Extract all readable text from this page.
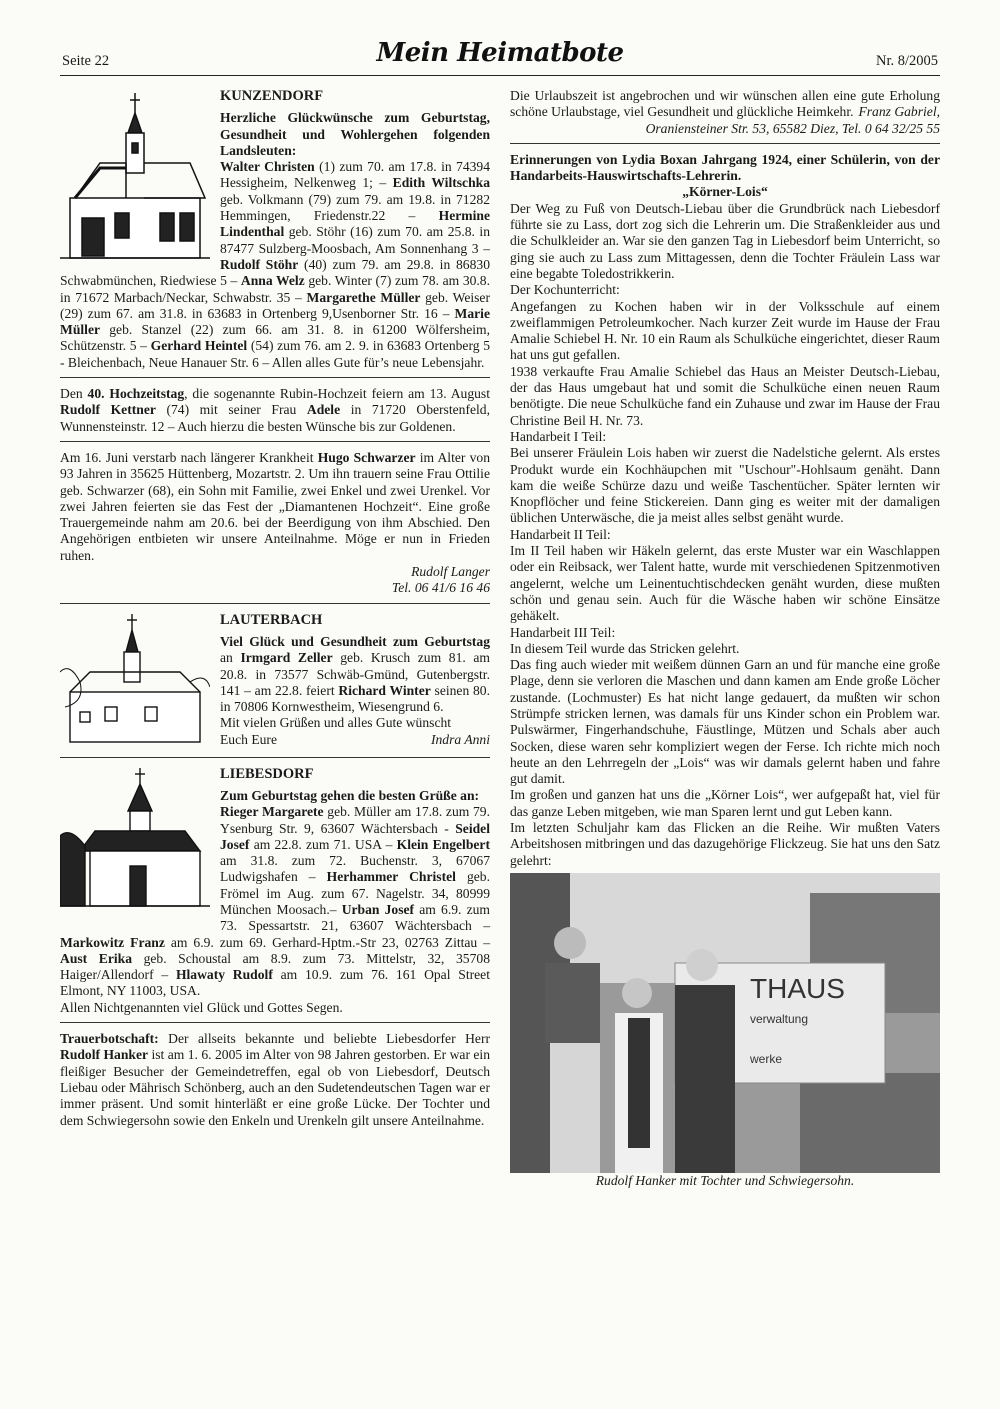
Seite 22	Mein Heimatbote	Nr. 8/2005
KUNZENDORF

Herzliche Glückwünsche zum Geburtstag, Gesundheit und Wohlergehen folgenden Landsleuten:

Walter Christen (1) zum 70. am 17.8. in 74394 Hessigheim, Nelkenweg 1; – Edith Wiltschka geb. Volkmann (79) zum 79. am 19.8. in 71282 Hemmingen, Friedenstr.22 – Hermine Lindenthal geb. Stöhr (16) zum 70. am 25.8. in 87477 Sulzberg-Moosbach, Am Sonnenhang 3 – Rudolf Stöhr (40) zum 79. am 29.8. in 86830 Schwabmünchen, Riedwiese 5 – Anna Welz geb. Winter (7) zum 78. am 30.8. in 71672 Marbach/Neckar, Schwabstr. 35 – Margarethe Müller geb. Weiser (29) zum 67. am 31.8. in 63683 in Ortenberg 9,Usenborner Str. 16 – Marie Müller geb. Stanzel (22) zum 66. am 31. 8. in 61200 Wölfersheim, Schützenstr. 5 – Gerhard Heintel (54) zum 76. am 2. 9. in 63683 Ortenberg 5 - Bleichenbach, Neue Hanauer Str. 6 – Allen alles Gute für’s neue Lebensjahr.

Den 40. Hochzeitstag, die sogenannte Rubin-Hochzeit feiern am 13. August Rudolf Kettner (74) mit seiner Frau Adele in 71720 Oberstenfeld, Wunnensteinstr. 12 – Auch hierzu die besten Wünsche bis zur Goldenen.

Am 16. Juni verstarb nach längerer Krankheit Hugo Schwarzer im Alter von 93 Jahren in 35625 Hüttenberg, Mozartstr. 2. Um ihn trauern seine Frau Ottilie geb. Schwarzer (68), ein Sohn mit Familie, zwei Enkel und zwei Urenkel. Vor zwei Jahren feierten sie das Fest der „Diamantenen Hochzeit“. Eine große Trauergemeinde nahm am 20.6. bei der Beerdigung von ihm Abschied. Den Angehörigen entbieten wir unsere Anteilnahme. Möge er nun in Frieden ruhen.

Rudolf Langer

Tel. 06 41/6 16 46

LAUTERBACH

Viel Glück und Gesundheit zum Geburtstag an Irmgard Zeller geb. Krusch zum 81. am 20.8. in 73577 Schwäb-Gmünd, Gutenbergstr. 141 – am 22.8. feiert Richard Winter seinen 80. in 70806 Kornwestheim, Wiesengrund 6.

Mit vielen Grüßen und alles Gute wünscht

Euch Eure	Indra Anni

LIEBESDORF

Zum Geburtstag gehen die besten Grüße an:

Rieger Margarete geb. Müller am 17.8. zum 79. Ysenburg Str. 9, 63607 Wächtersbach - Seidel Josef am 22.8. zum 71. USA – Klein Engelbert am 31.8. zum 72. Buchenstr. 3, 67067 Ludwigshafen – Herhammer Christel geb. Frömel im Aug. zum 67. Nagelstr. 34, 80999 München Moosach.– Urban Josef am 6.9. zum 73. Spessartstr. 21, 63607 Wächtersbach – Markowitz Franz am 6.9. zum 69. Gerhard-Hptm.-Str 23, 02763 Zittau – Aust Erika geb. Schoustal am 8.9. zum 73. Mittelstr, 32, 35708 Haiger/Allendorf – Hlawaty Rudolf am 10.9. zum 76. 161 Opal Street Elmont, NY 11003, USA.

Allen Nichtgenannten viel Glück und Gottes Segen.

Trauerbotschaft: Der allseits bekannte und beliebte Liebesdorfer Herr Rudolf Hanker ist am 1. 6. 2005 im Alter von 98 Jahren gestorben. Er war ein fleißiger Besucher der Gemeindetreffen, egal ob von Liebesdorf, Deutsch Liebau oder Mährisch Schönberg, auch an den Sudetendeutschen Tagen war er immer präsent. Und somit hinterläßt er eine große Lücke. Der Tochter und dem Schwiegersohn sowie den Enkeln und Urenkeln gilt unsere Anteilnahme.

Die Urlaubszeit ist angebrochen und wir wünschen allen eine gute Erholung schöne Urlaubstage, viel Gesundheit und glückliche Heimkehr. Franz Gabriel,

Oranienstеiner Str. 53, 65582 Diez, Tel. 0 64 32/25 55

Erinnerungen von Lydia Boxan Jahrgang 1924, einer Schülerin, von der Handarbeits-Hauswirtschafts-Lehrerin.

„Körner-Lois“

Der Weg zu Fuß von Deutsch-Liebau über die Grundbrück nach Liebesdorf führte sie zu Lass, dort zog sich die Lehrerin um. Die Straßenkleider aus und die Schulkleider an. War sie den ganzen Tag in Liebesdorf beim Unterricht, so ging sie auch zu Lass zum Mittagessen, denn die Tochter Fräulein Lass war eine begabte Toledostrikkerin.

Der Kochunterricht:

Angefangen zu Kochen haben wir in der Volksschule auf einem zweiflammigen Petroleumkocher. Nach kurzer Zeit wurde im Hause der Frau Amalie Schiebel H. Nr. 10 ein Raum als Schulküche eingerichtet, dieser Raum hat uns gut gefallen.

1938 verkaufte Frau Amalie Schiebel das Haus an Meister Deutsch-Liebau, der das Haus umgebaut hat und somit die Schulküche einen neuen Raum benötigte. Die neue Schulküche fand ein Zuhause und zwar im Hause der Frau Christine Beil H. Nr. 73.

Handarbeit I Teil:

Bei unserer Fräulein Lois haben wir zuerst die Nadelstiche gelernt. Als erstes Produkt wurde ein Kochhäupchen mit "Uschour"-Hohlsaum genäht. Dann kam die weiße Schürze dazu und weiße Taschentücher. Später lernten wir Knopflöcher und feine Stickereien. Dann ging es weiter mit der damaligen üblichen Unterwäsche, die ja meist alles selbst genäht wurde.

Handarbeit II Teil:

Im II Teil haben wir Häkeln gelernt, das erste Muster war ein Waschlappen oder ein Reibsack, wer Talent hatte, wurde mit verschiedenen Spitzenmotiven angelernt, welche um Leinentuchtischdecken genäht wurden, diese mußten schön und genau sein. Auch für die Wäsche haben wir schöne Einsätze gehäkelt.

Handarbeit III Teil:

In diesem Teil wurde das Stricken gelehrt.

Das fing auch wieder mit weißem dünnen Garn an und für manche eine große Plage, denn sie verloren die Maschen und dann kamen am Ende große Löcher zustande. (Lochmuster) Es hat nicht lange gedauert, da mußten wir schon Strümpfe stricken lernen, was damals für uns Kinder schon ein Problem war. Pulswärmer, Fingerhandschuhe, Fäustlinge, Mützen und Schals aber auch Socken, diese waren sehr kompliziert wegen der Ferse. Ich richte mich noch heute an den Lehrregeln der „Lois“ was wir damals gelernt haben und fahre gut damit.

Im großen und ganzen hat uns die „Körner Lois“, wer aufgepaßt hat, viel für das ganze Leben mitgeben, wie man Sparen lernt und gut Leben kann.

Im letzten Schuljahr kam das Flicken an die Reihe. Wir mußten Vaters Arbeitshosen mitbringen und das dazugehörige Flickzeug. Sie hat uns den Satz gelehrt:

THAUS
verwaltung
werke

Rudolf Hanker mit Tochter und Schwiegersohn.
